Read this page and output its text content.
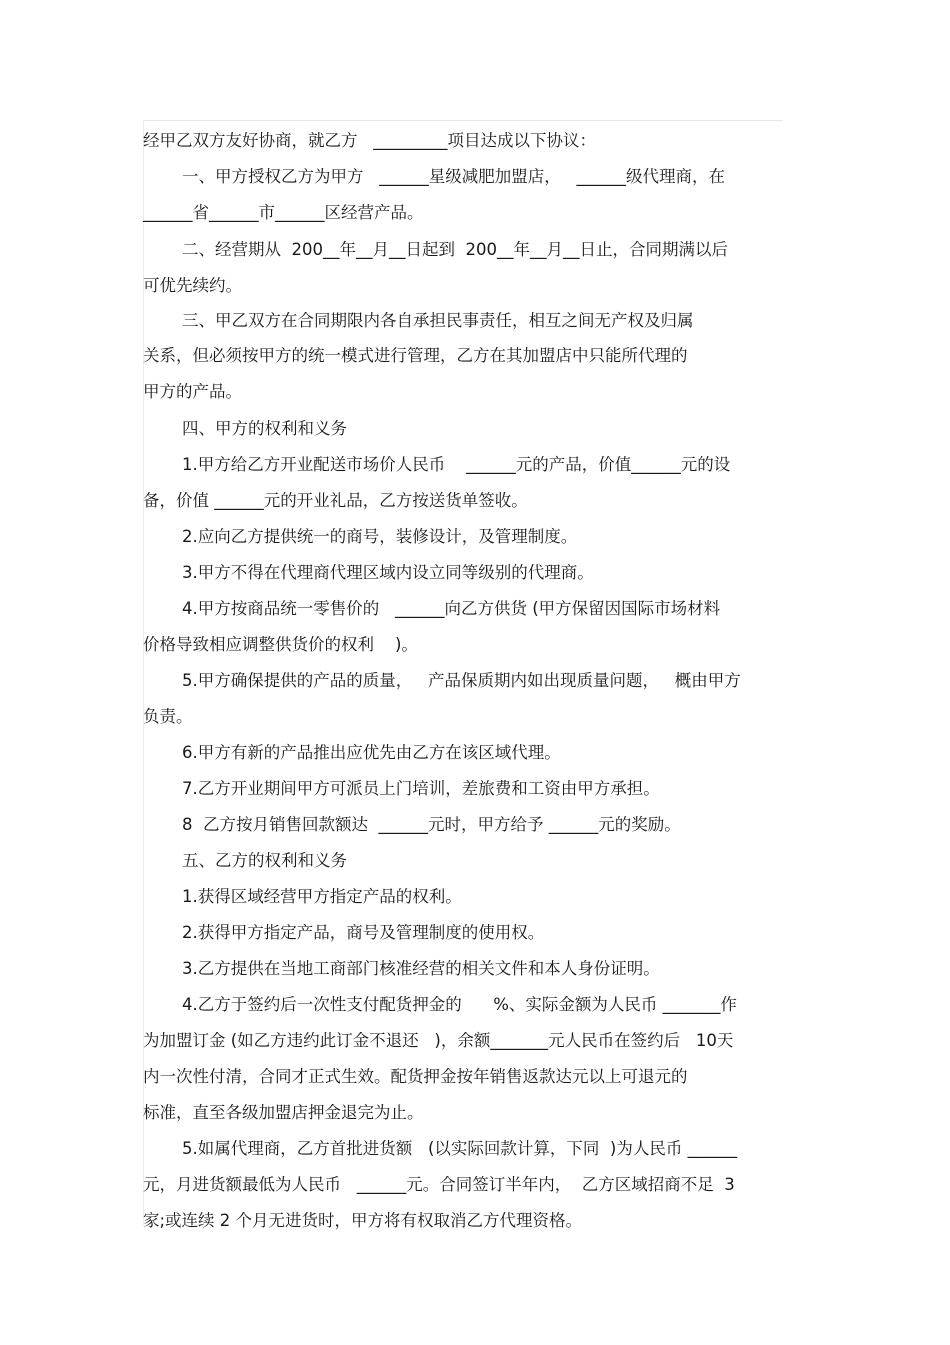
经甲乙双方友好协商，就乙方   _________项目达成以下协议：
一、甲方授权乙方为甲方   ______星级减肥加盟店，   ______级代理商，在
______省______市______区经营产品。
二、经营期从  200__年__月__日起到  200__年__月__日止，合同期满以后
可优先续约。
三、甲乙双方在合同期限内各自承担民事责任，相互之间无产权及归属
关系，但必须按甲方的统一模式进行管理，乙方在其加盟店中只能所代理的
甲方的产品。
四、甲方的权利和义务
1.甲方给乙方开业配送市场价人民币    ______元的产品，价值______元的设
备，价值 ______元的开业礼品，乙方按送货单签收。
2.应向乙方提供统一的商号，装修设计，及管理制度。
3.甲方不得在代理商代理区域内设立同等级别的代理商。
4.甲方按商品统一零售价的   ______向乙方供货 (甲方保留因国际市场材料
价格导致相应调整供货价的权利    )。
5.甲方确保提供的产品的质量，   产品保质期内如出现质量问题，   概由甲方
负责。
6.甲方有新的产品推出应优先由乙方在该区域代理。
7.乙方开业期间甲方可派员上门培训，差旅费和工资由甲方承担。
8  乙方按月销售回款额达  ______元时，甲方给予 ______元的奖励。
五、乙方的权利和义务
1.获得区域经营甲方指定产品的权利。
2.获得甲方指定产品，商号及管理制度的使用权。
3.乙方提供在当地工商部门核准经营的相关文件和本人身份证明。
4.乙方于签约后一次性支付配货押金的      %、实际金额为人民币 _______作
为加盟订金 (如乙方违约此订金不退还   )，余额_______元人民币在签约后   10天
内一次性付清，合同才正式生效。配货押金按年销售返款达元以上可退元的
标准，直至各级加盟店押金退完为止。
5.如属代理商，乙方首批进货额   (以实际回款计算，下同  )为人民币 ______
元，月进货额最低为人民币   ______元。合同签订半年内，  乙方区域招商不足  3
家;或连续 2 个月无进货时，甲方将有权取消乙方代理资格。
